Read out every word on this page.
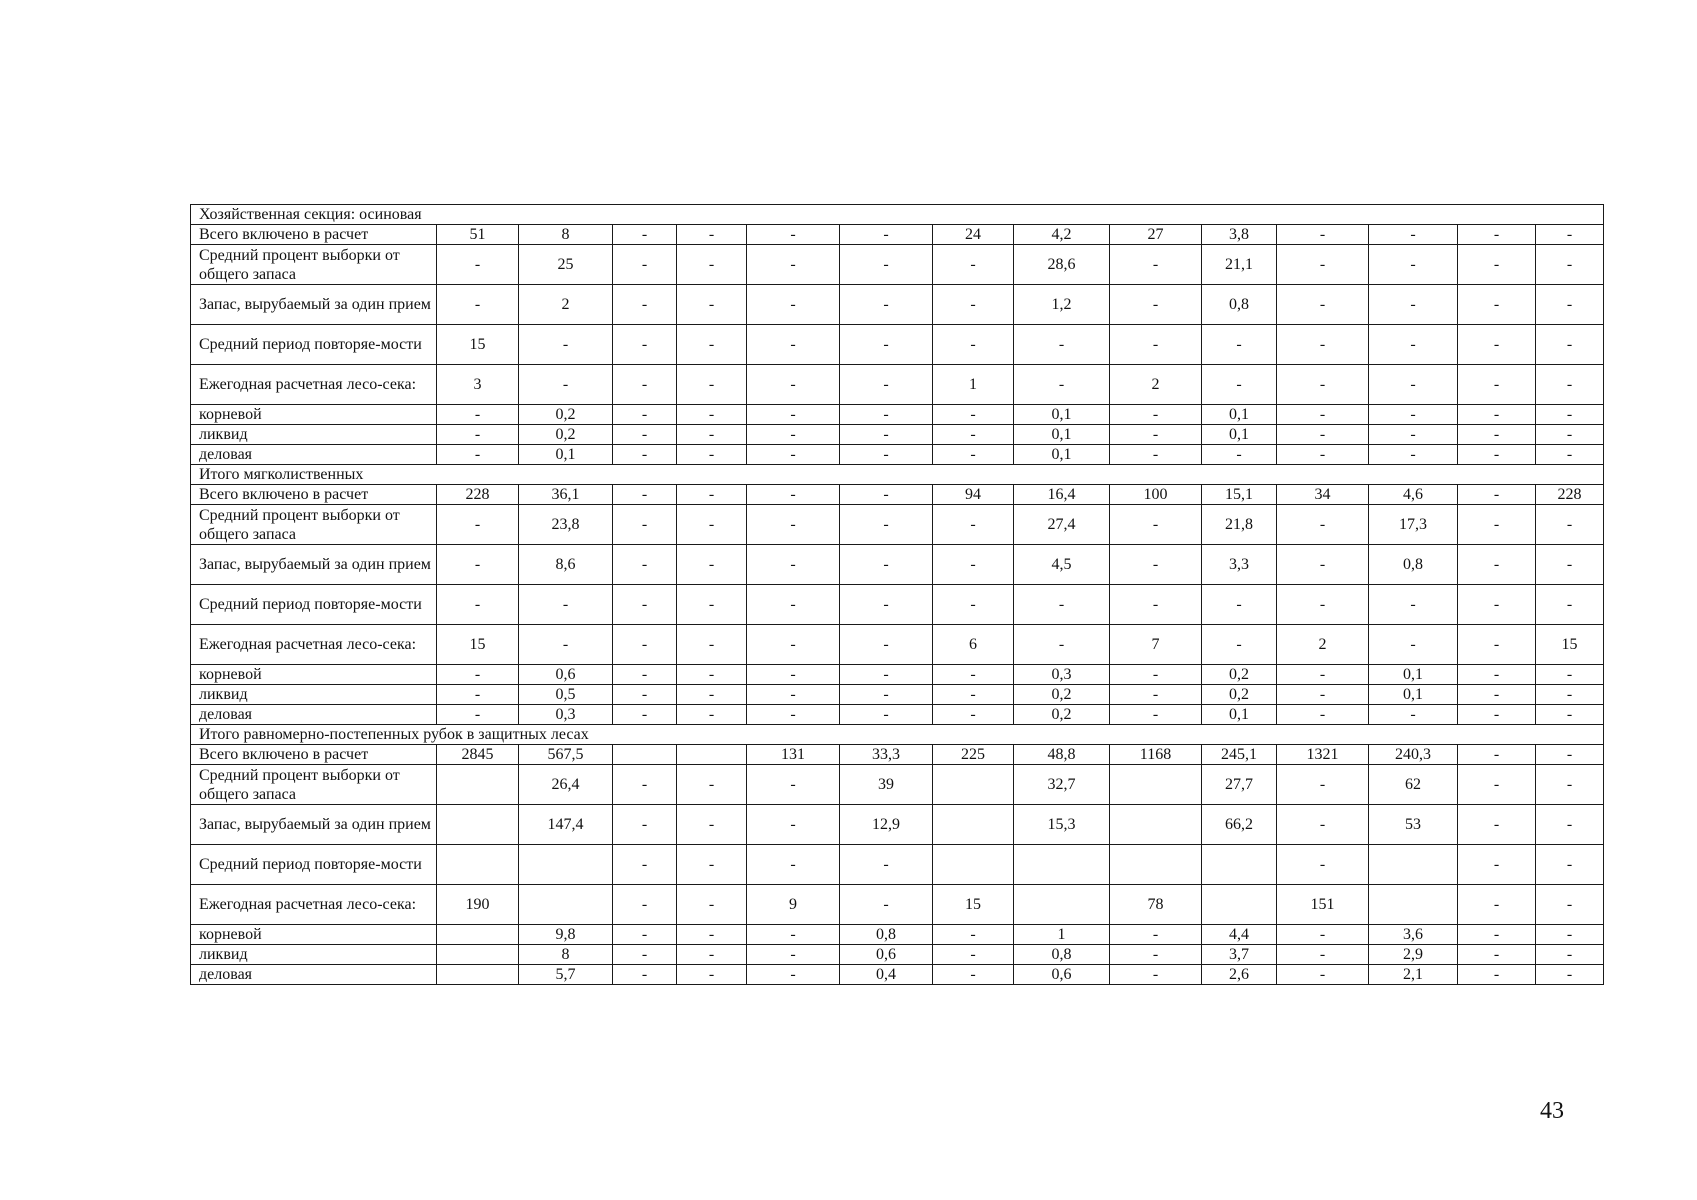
Хозяйственная секция: осиновая														
Всего включено в расчет	51	8	-	-	-	-	24	4,2	27	3,8	-	-	-	-
Средний процент выборки от общего запаса	-	25	-	-	-	-	-	28,6	-	21,1	-	-	-	-
Запас, вырубаемый за один прием	-	2	-	-	-	-	-	1,2	-	0,8	-	-	-	-
Средний период повторяе-мости	15	-	-	-	-	-	-	-	-	-	-	-	-	-
Ежегодная расчетная лесо-сека:	3	-	-	-	-	-	1	-	2	-	-	-	-	-
корневой	-	0,2	-	-	-	-	-	0,1	-	0,1	-	-	-	-
ликвид	-	0,2	-	-	-	-	-	0,1	-	0,1	-	-	-	-
деловая	-	0,1	-	-	-	-	-	0,1	-	-	-	-	-	-
Итого мягколиственных														
Всего включено в расчет	228	36,1	-	-	-	-	94	16,4	100	15,1	34	4,6	-	228
Средний процент выборки от общего запаса	-	23,8	-	-	-	-	-	27,4	-	21,8	-	17,3	-	-
Запас, вырубаемый за один прием	-	8,6	-	-	-	-	-	4,5	-	3,3	-	0,8	-	-
Средний период повторяе-мости	-	-	-	-	-	-	-	-	-	-	-	-	-	-
Ежегодная расчетная лесо-сека:	15	-	-	-	-	-	6	-	7	-	2	-	-	15
корневой	-	0,6	-	-	-	-	-	0,3	-	0,2	-	0,1	-	-
ликвид	-	0,5	-	-	-	-	-	0,2	-	0,2	-	0,1	-	-
деловая	-	0,3	-	-	-	-	-	0,2	-	0,1	-	-	-	-
Итого равномерно-постепенных рубок в защитных лесах														
Всего включено в расчет	2845	567,5			131	33,3	225	48,8	1168	245,1	1321	240,3	-	-
Средний процент выборки от общего запаса		26,4	-	-	-	39		32,7		27,7	-	62	-	-
Запас, вырубаемый за один прием		147,4	-	-	-	12,9		15,3		66,2	-	53	-	-
Средний период повторяе-мости			-	-	-	-					-		-	-
Ежегодная расчетная лесо-сека:	190		-	-	9	-	15		78		151		-	-
корневой		9,8	-	-	-	0,8	-	1	-	4,4	-	3,6	-	-
ликвид		8	-	-	-	0,6	-	0,8	-	3,7	-	2,9	-	-
деловая		5,7	-	-	-	0,4	-	0,6	-	2,6	-	2,1	-	-
43
